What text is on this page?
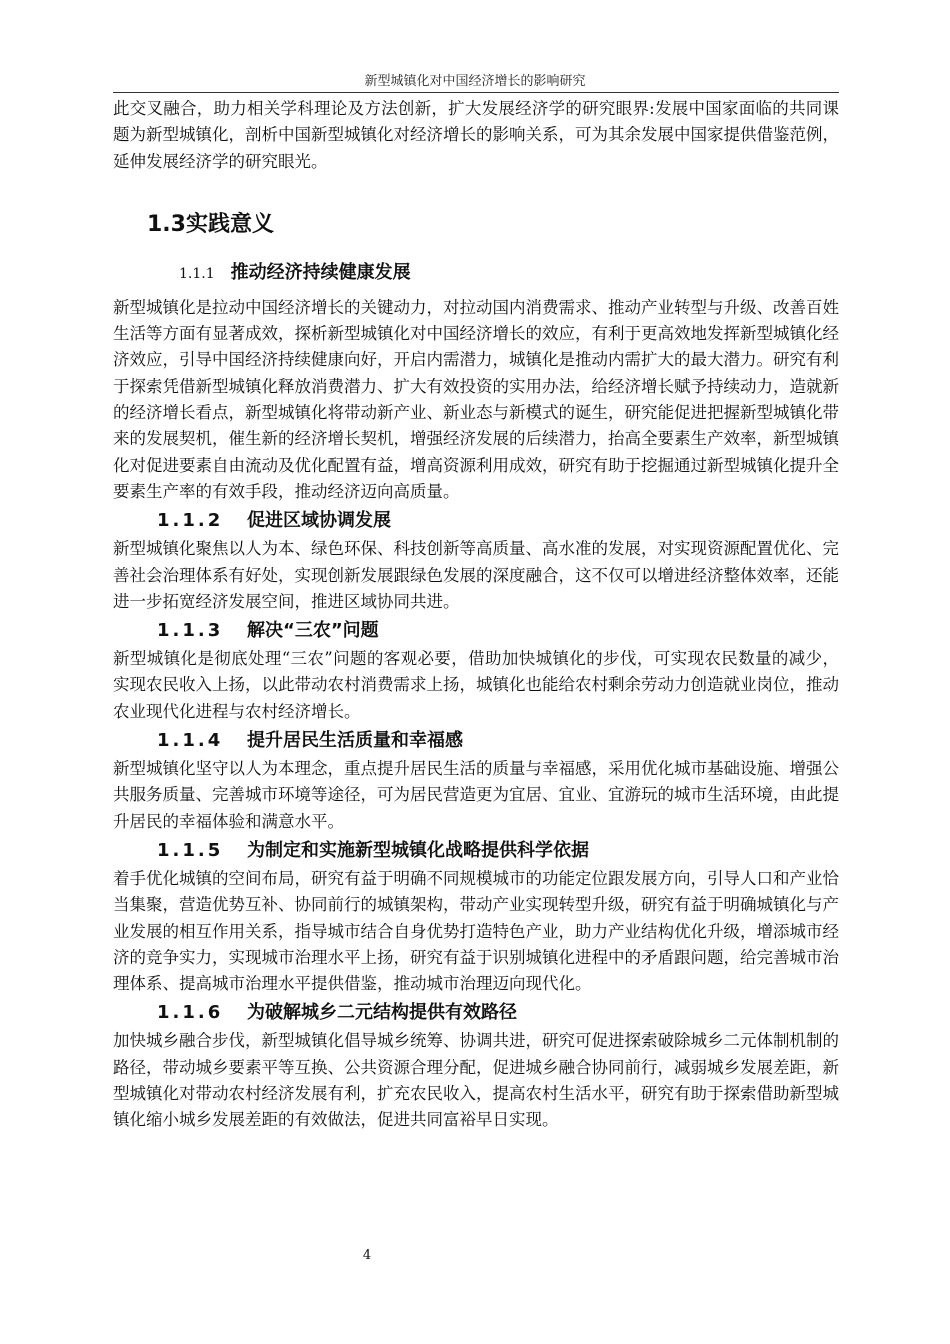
新型城镇化对中国经济增长的影响研究

此交叉融合，助力相关学科理论及方法创新，扩大发展经济学的研究眼界:发展中国家面临的共同课题为新型城镇化，剖析中国新型城镇化对经济增长的影响关系，可为其余发展中国家提供借鉴范例，延伸发展经济学的研究眼光。

1.3实践意义
1.1.1 推动经济持续健康发展

新型城镇化是拉动中国经济增长的关键动力，对拉动国内消费需求、推动产业转型与升级、改善百姓生活等方面有显著成效，探析新型城镇化对中国经济增长的效应，有利于更高效地发挥新型城镇化经济效应，引导中国经济持续健康向好，开启内需潜力，城镇化是推动内需扩大的最大潜力。研究有利于探索凭借新型城镇化释放消费潜力、扩大有效投资的实用办法，给经济增长赋予持续动力，造就新的经济增长看点，新型城镇化将带动新产业、新业态与新模式的诞生，研究能促进把握新型城镇化带来的发展契机，催生新的经济增长契机，增强经济发展的后续潜力，抬高全要素生产效率，新型城镇化对促进要素自由流动及优化配置有益，增高资源利用成效，研究有助于挖掘通过新型城镇化提升全要素生产率的有效手段，推动经济迈向高质量。

1.1.2 促进区域协调发展

新型城镇化聚焦以人为本、绿色环保、科技创新等高质量、高水准的发展，对实现资源配置优化、完善社会治理体系有好处，实现创新发展跟绿色发展的深度融合，这不仅可以增进经济整体效率，还能进一步拓宽经济发展空间，推进区域协同共进。

1.1.3 解决“三农”问题

新型城镇化是彻底处理“三农”问题的客观必要，借助加快城镇化的步伐，可实现农民数量的减少，实现农民收入上扬，以此带动农村消费需求上扬，城镇化也能给农村剩余劳动力创造就业岗位，推动农业现代化进程与农村经济增长。

1.1.4 提升居民生活质量和幸福感

新型城镇化坚守以人为本理念，重点提升居民生活的质量与幸福感，采用优化城市基础设施、增强公共服务质量、完善城市环境等途径，可为居民营造更为宜居、宜业、宜游玩的城市生活环境，由此提升居民的幸福体验和满意水平。

1.1.5 为制定和实施新型城镇化战略提供科学依据

着手优化城镇的空间布局，研究有益于明确不同规模城市的功能定位跟发展方向，引导人口和产业恰当集聚，营造优势互补、协同前行的城镇架构，带动产业实现转型升级，研究有益于明确城镇化与产业发展的相互作用关系，指导城市结合自身优势打造特色产业，助力产业结构优化升级，增添城市经济的竞争实力，实现城市治理水平上扬，研究有益于识别城镇化进程中的矛盾跟问题，给完善城市治理体系、提高城市治理水平提供借鉴，推动城市治理迈向现代化。

1.1.6 为破解城乡二元结构提供有效路径

加快城乡融合步伐，新型城镇化倡导城乡统筹、协调共进，研究可促进探索破除城乡二元体制机制的路径，带动城乡要素平等互换、公共资源合理分配，促进城乡融合协同前行，减弱城乡发展差距，新型城镇化对带动农村经济发展有利，扩充农民收入，提高农村生活水平，研究有助于探索借助新型城镇化缩小城乡发展差距的有效做法，促进共同富裕早日实现。

4
